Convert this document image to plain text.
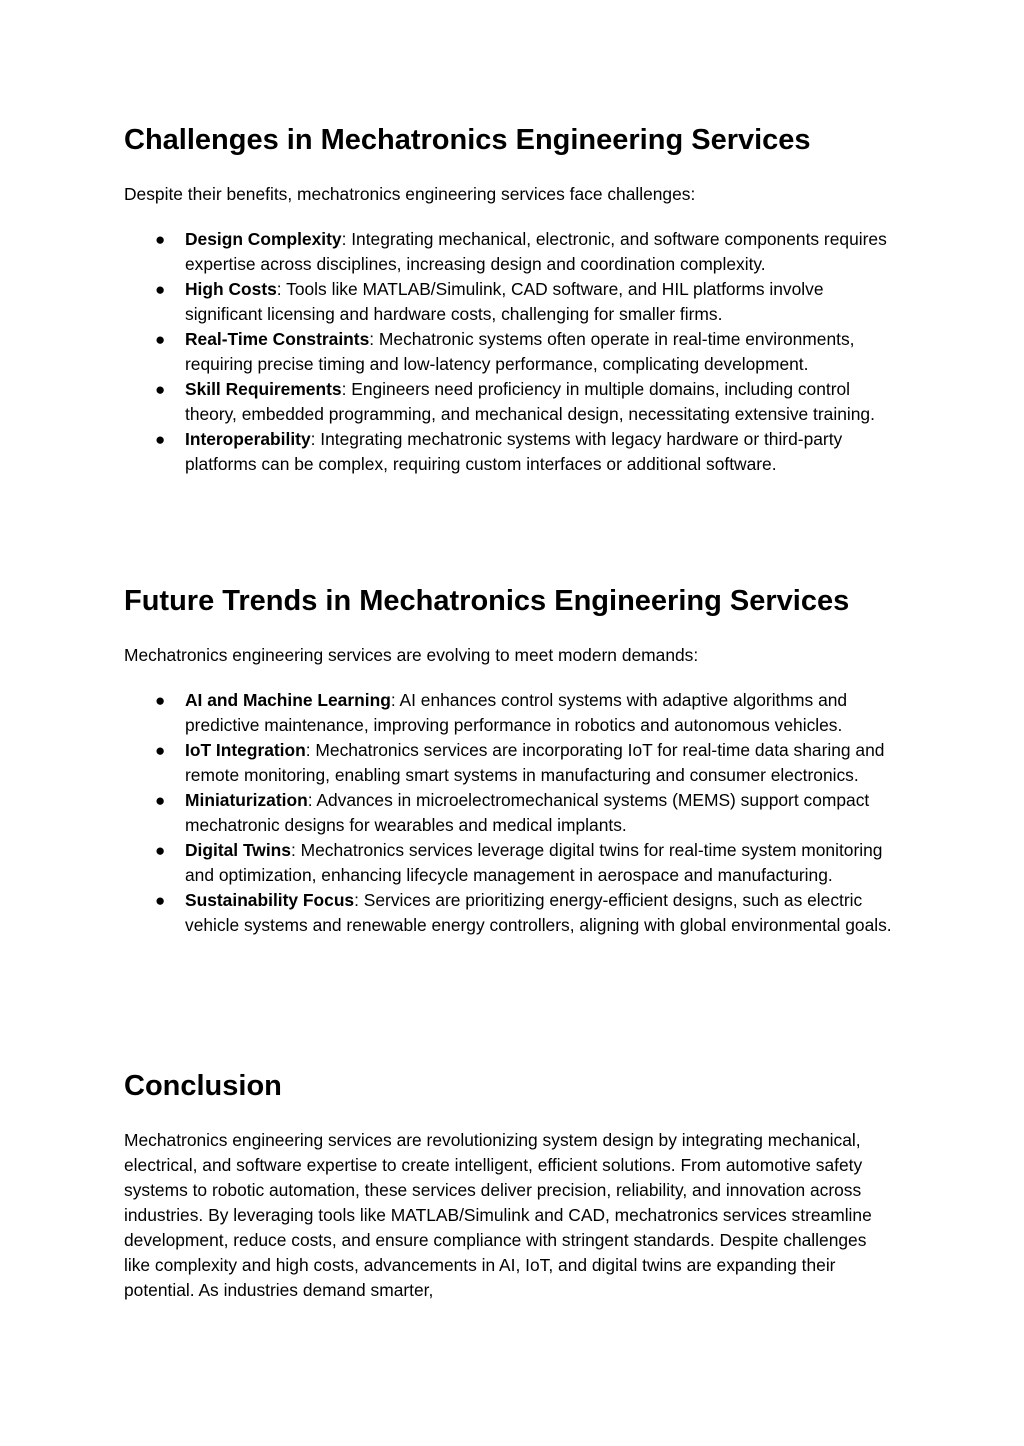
Challenges in Mechatronics Engineering Services

Despite their benefits, mechatronics engineering services face challenges:

● Design Complexity: Integrating mechanical, electronic, and software components requires expertise across disciplines, increasing design and coordination complexity.
● High Costs: Tools like MATLAB/Simulink, CAD software, and HIL platforms involve significant licensing and hardware costs, challenging for smaller firms.
● Real-Time Constraints: Mechatronic systems often operate in real-time environments, requiring precise timing and low-latency performance, complicating development.
● Skill Requirements: Engineers need proficiency in multiple domains, including control theory, embedded programming, and mechanical design, necessitating extensive training.
● Interoperability: Integrating mechatronic systems with legacy hardware or third-party platforms can be complex, requiring custom interfaces or additional software.
Future Trends in Mechatronics Engineering Services

Mechatronics engineering services are evolving to meet modern demands:

● AI and Machine Learning: AI enhances control systems with adaptive algorithms and predictive maintenance, improving performance in robotics and autonomous vehicles.
● IoT Integration: Mechatronics services are incorporating IoT for real-time data sharing and remote monitoring, enabling smart systems in manufacturing and consumer electronics.
● Miniaturization: Advances in microelectromechanical systems (MEMS) support compact mechatronic designs for wearables and medical implants.
● Digital Twins: Mechatronics services leverage digital twins for real-time system monitoring and optimization, enhancing lifecycle management in aerospace and manufacturing.
● Sustainability Focus: Services are prioritizing energy-efficient designs, such as electric vehicle systems and renewable energy controllers, aligning with global environmental goals.
Conclusion

Mechatronics engineering services are revolutionizing system design by integrating mechanical, electrical, and software expertise to create intelligent, efficient solutions. From automotive safety systems to robotic automation, these services deliver precision, reliability, and innovation across industries. By leveraging tools like MATLAB/Simulink and CAD, mechatronics services streamline development, reduce costs, and ensure compliance with stringent standards. Despite challenges like complexity and high costs, advancements in AI, IoT, and digital twins are expanding their potential. As industries demand smarter,
